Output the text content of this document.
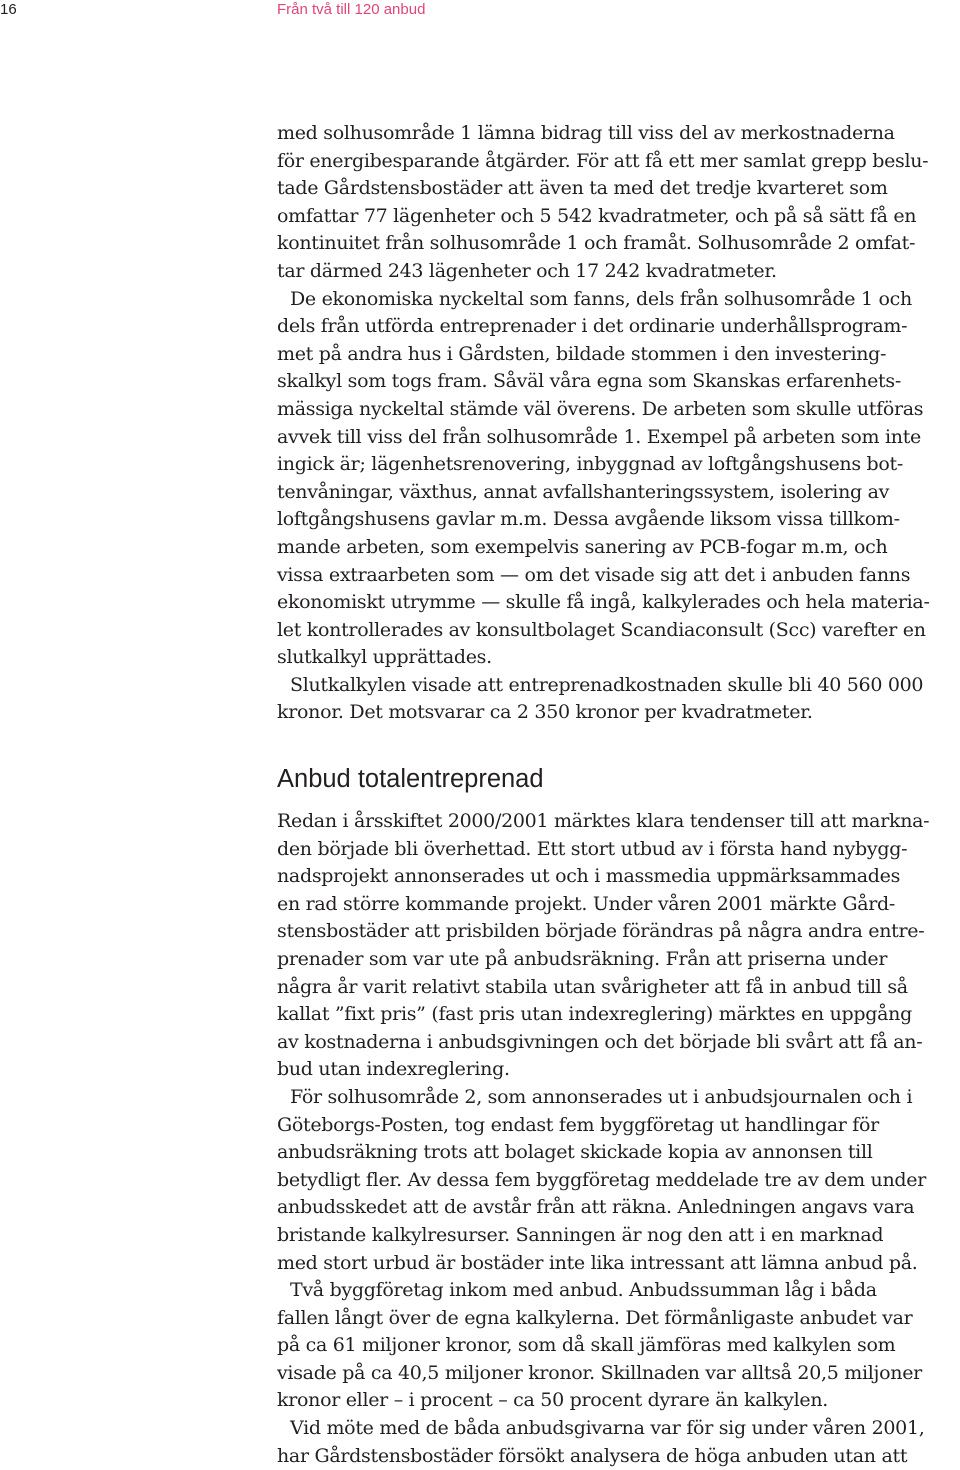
16	Från två till 120 anbud
med solhusområde 1 lämna bidrag till viss del av merkostnaderna
för energibesparande åtgärder. För att få ett mer samlat grepp beslu-
tade Gårdstensbostäder att även ta med det tredje kvarteret som
omfattar 77 lägenheter och 5 542 kvadratmeter, och på så sätt få en
kontinuitet från solhusområde 1 och framåt. Solhusområde 2 omfat-
tar därmed 243 lägenheter och 17 242 kvadratmeter.
De ekonomiska nyckeltal som fanns, dels från solhusområde 1 och
dels från utförda entreprenader i det ordinarie underhållsprogram-
met på andra hus i Gårdsten, bildade stommen i den investering-
skalkyl som togs fram. Såväl våra egna som Skanskas erfarenhets-
mässiga nyckeltal stämde väl överens. De arbeten som skulle utföras
avvek till viss del från solhusområde 1. Exempel på arbeten som inte
ingick är; lägenhetsrenovering, inbyggnad av loftgångshusens bot-
tenvåningar, växthus, annat avfallshanteringssystem, isolering av
loftgångshusens gavlar m.m. Dessa avgående liksom vissa tillkom-
mande arbeten, som exempelvis sanering av PCB-fogar m.m, och
vissa extraarbeten som — om det visade sig att det i anbuden fanns
ekonomiskt utrymme — skulle få ingå, kalkylerades och hela materia-
let kontrollerades av konsultbolaget Scandiaconsult (Scc) varefter en
slutkalkyl upprättades.
Slutkalkylen visade att entreprenadkostnaden skulle bli 40 560 000
kronor. Det motsvarar ca 2 350 kronor per kvadratmeter.
Anbud totalentreprenad
Redan i årsskiftet 2000/2001 märktes klara tendenser till att markna-
den började bli överhettad. Ett stort utbud av i första hand nybygg-
nadsprojekt annonserades ut och i massmedia uppmärksammades
en rad större kommande projekt. Under våren 2001 märkte Gård-
stensbostäder att prisbilden började förändras på några andra entre-
prenader som var ute på anbudsräkning. Från att priserna under
några år varit relativt stabila utan svårigheter att få in anbud till så
kallat ”fixt pris” (fast pris utan indexreglering) märktes en uppgång
av kostnaderna i anbudsgivningen och det började bli svårt att få an-
bud utan indexreglering.
För solhusområde 2, som annonserades ut i anbudsjournalen och i
Göteborgs-Posten, tog endast fem byggföretag ut handlingar för
anbudsräkning trots att bolaget skickade kopia av annonsen till
betydligt fler. Av dessa fem byggföretag meddelade tre av dem under
anbudsskedet att de avstår från att räkna. Anledningen angavs vara
bristande kalkylresurser. Sanningen är nog den att i en marknad
med stort urbud är bostäder inte lika intressant att lämna anbud på.
Två byggföretag inkom med anbud. Anbudssumman låg i båda
fallen långt över de egna kalkylerna. Det förmånligaste anbudet var
på ca 61 miljoner kronor, som då skall jämföras med kalkylen som
visade på ca 40,5 miljoner kronor. Skillnaden var alltså 20,5 miljoner
kronor eller – i procent – ca 50 procent dyrare än kalkylen.
Vid möte med de båda anbudsgivarna var för sig under våren 2001,
har Gårdstensbostäder försökt analysera de höga anbuden utan att
